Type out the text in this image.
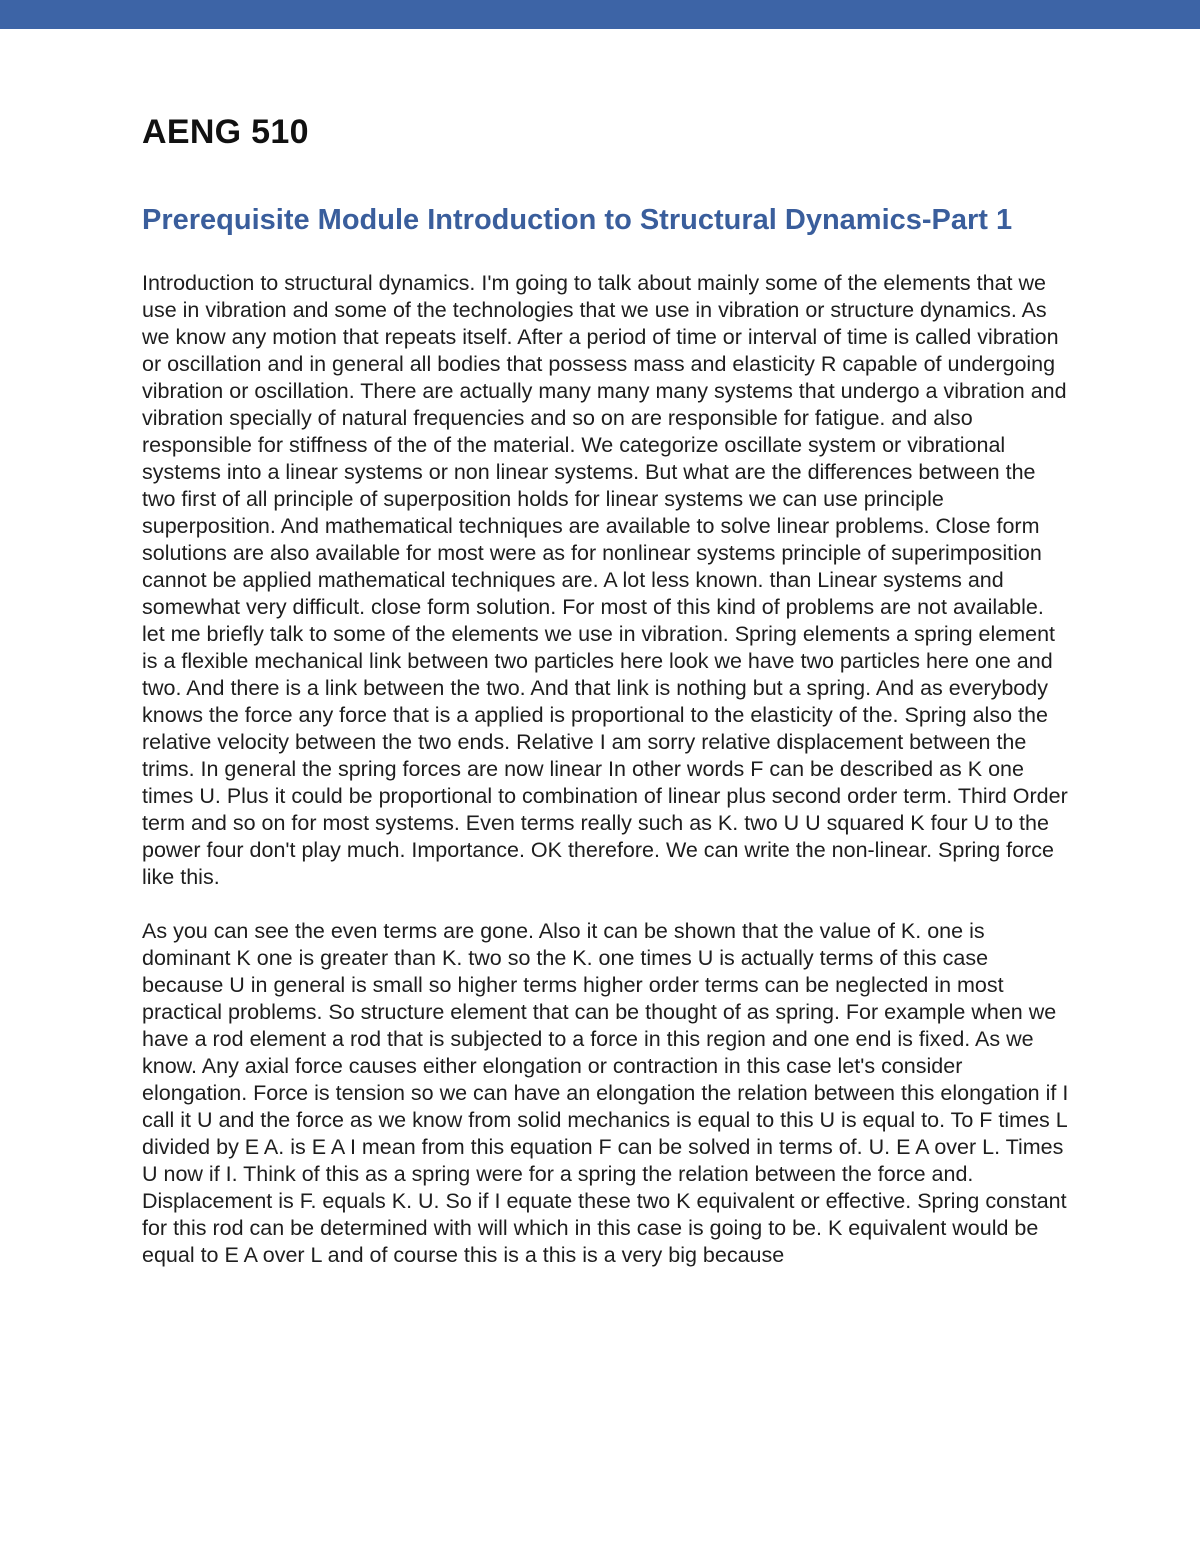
AENG 510
Prerequisite Module Introduction to Structural Dynamics-Part 1

Introduction to structural dynamics. I'm going to talk about mainly some of the elements that we use in vibration and some of the technologies that we use in vibration or structure dynamics. As we know any motion that repeats itself. After a period of time or interval of time is called vibration or oscillation and in general all bodies that possess mass and elasticity R capable of undergoing vibration or oscillation. There are actually many many many systems that undergo a vibration and vibration specially of natural frequencies and so on are responsible for fatigue. and also responsible for stiffness of the of the material. We categorize oscillate system or vibrational systems into a linear systems or non linear systems. But what are the differences between the two first of all principle of superposition holds for linear systems we can use principle superposition. And mathematical techniques are available to solve linear problems. Close form solutions are also available for most were as for nonlinear systems principle of superimposition cannot be applied mathematical techniques are. A lot less known. than Linear systems and somewhat very difficult. close form solution. For most of this kind of problems are not available. let me briefly talk to some of the elements we use in vibration. Spring elements a spring element is a flexible mechanical link between two particles here look we have two particles here one and two. And there is a link between the two. And that link is nothing but a spring. And as everybody knows the force any force that is a applied is proportional to the elasticity of the. Spring also the relative velocity between the two ends. Relative I am sorry relative displacement between the trims. In general the spring forces are now linear In other words F can be described as K one times U. Plus it could be proportional to combination of linear plus second order term. Third Order term and so on for most systems. Even terms really such as K. two U U squared K four U to the power four don't play much. Importance. OK therefore. We can write the non-linear. Spring force like this.

As you can see the even terms are gone. Also it can be shown that the value of K. one is dominant K one is greater than K. two so the K. one times U is actually terms of this case because U in general is small so higher terms higher order terms can be neglected in most practical problems. So structure element that can be thought of as spring. For example when we have a rod element a rod that is subjected to a force in this region and one end is fixed. As we know. Any axial force causes either elongation or contraction in this case let's consider elongation. Force is tension so we can have an elongation the relation between this elongation if I call it U and the force as we know from solid mechanics is equal to this U is equal to. To F times L divided by E A. is E A I mean from this equation F can be solved in terms of. U. E A over L. Times U now if I. Think of this as a spring were for a spring the relation between the force and. Displacement is F. equals K. U. So if I equate these two K equivalent or effective. Spring constant for this rod can be determined with will which in this case is going to be. K equivalent would be equal to E A over L and of course this is a this is a very big because
